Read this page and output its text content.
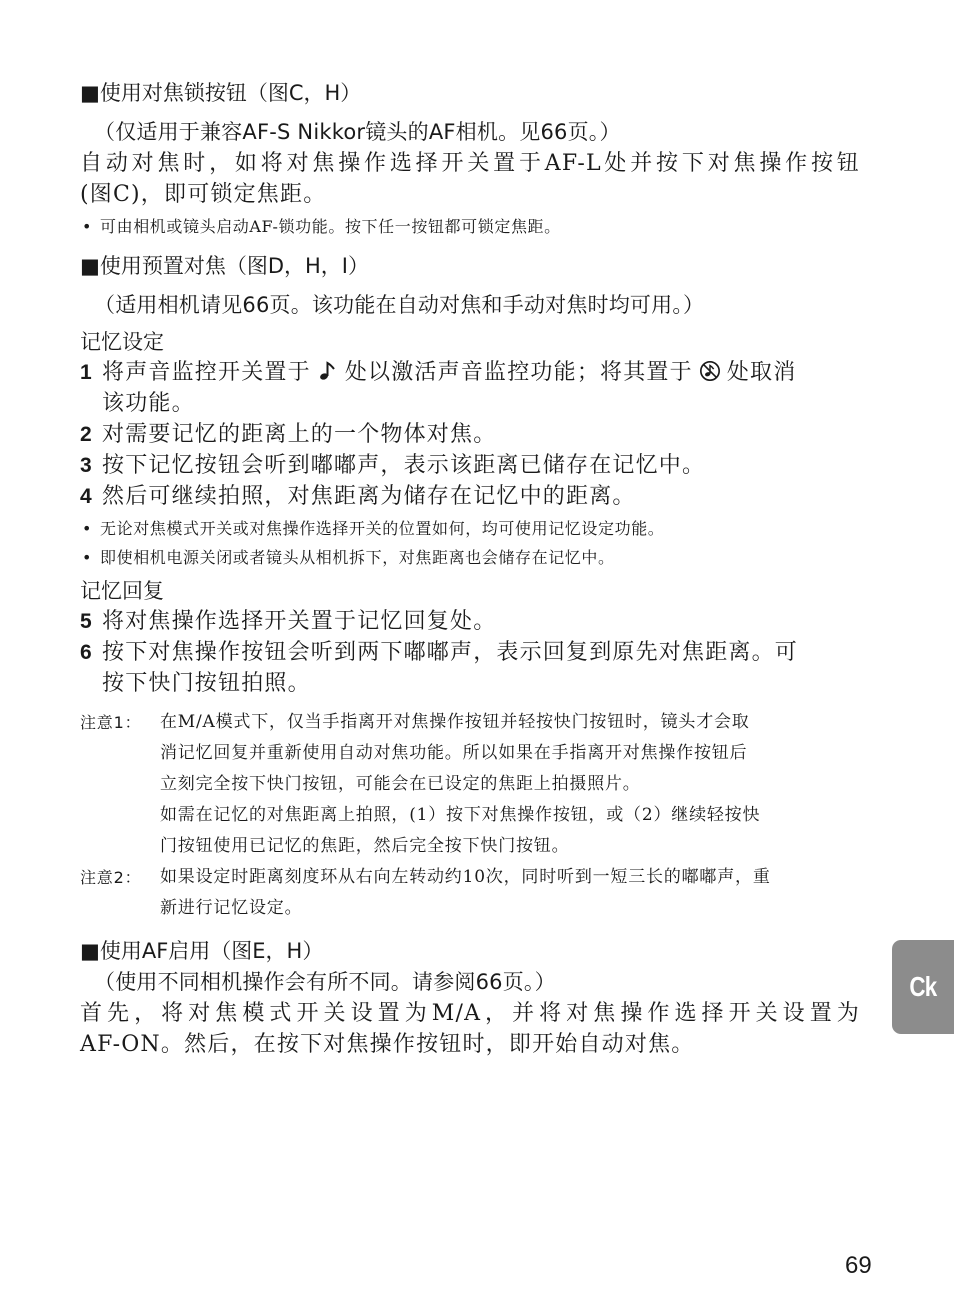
■使用对焦锁按钮（图C，H）

（仅适用于兼容AF-S Nikkor镜头的AF相机。见66页。）

自动对焦时，如将对焦操作选择开关置于AF-L处并按下对焦操作按钮

(图C)，即可锁定焦距。

• 可由相机或镜头启动AF-锁功能。按下任一按钮都可锁定焦距。

■使用预置对焦（图D，H，I）

（适用相机请见66页。该功能在自动对焦和手动对焦时均可用。）

记忆设定

1 将声音监控开关置于 处以激活声音监控功能；将其置于 处取消

该功能。

2 对需要记忆的距离上的一个物体对焦。

3 按下记忆按钮会听到嘟嘟声，表示该距离已储存在记忆中。

4 然后可继续拍照，对焦距离为储存在记忆中的距离。

• 无论对焦模式开关或对焦操作选择开关的位置如何，均可使用记忆设定功能。

• 即使相机电源关闭或者镜头从相机拆下，对焦距离也会储存在记忆中。

记忆回复

5 将对焦操作选择开关置于记忆回复处。

6 按下对焦操作按钮会听到两下嘟嘟声，表示回复到原先对焦距离。可

按下快门按钮拍照。

注意1： 在M/A模式下，仅当手指离开对焦操作按钮并轻按快门按钮时，镜头才会取

消记忆回复并重新使用自动对焦功能。所以如果在手指离开对焦操作按钮后

立刻完全按下快门按钮，可能会在已设定的焦距上拍摄照片。

如需在记忆的对焦距离上拍照，(1）按下对焦操作按钮，或（2）继续轻按快

门按钮使用已记忆的焦距，然后完全按下快门按钮。

注意2： 如果设定时距离刻度环从右向左转动约10次，同时听到一短三长的嘟嘟声，重

新进行记忆设定。

■使用AF启用（图E，H）

（使用不同相机操作会有所不同。请参阅66页。）

首先，将对焦模式开关设置为M/A，并将对焦操作选择开关设置为

AF-ON。然后，在按下对焦操作按钮时，即开始自动对焦。

Ck
69
